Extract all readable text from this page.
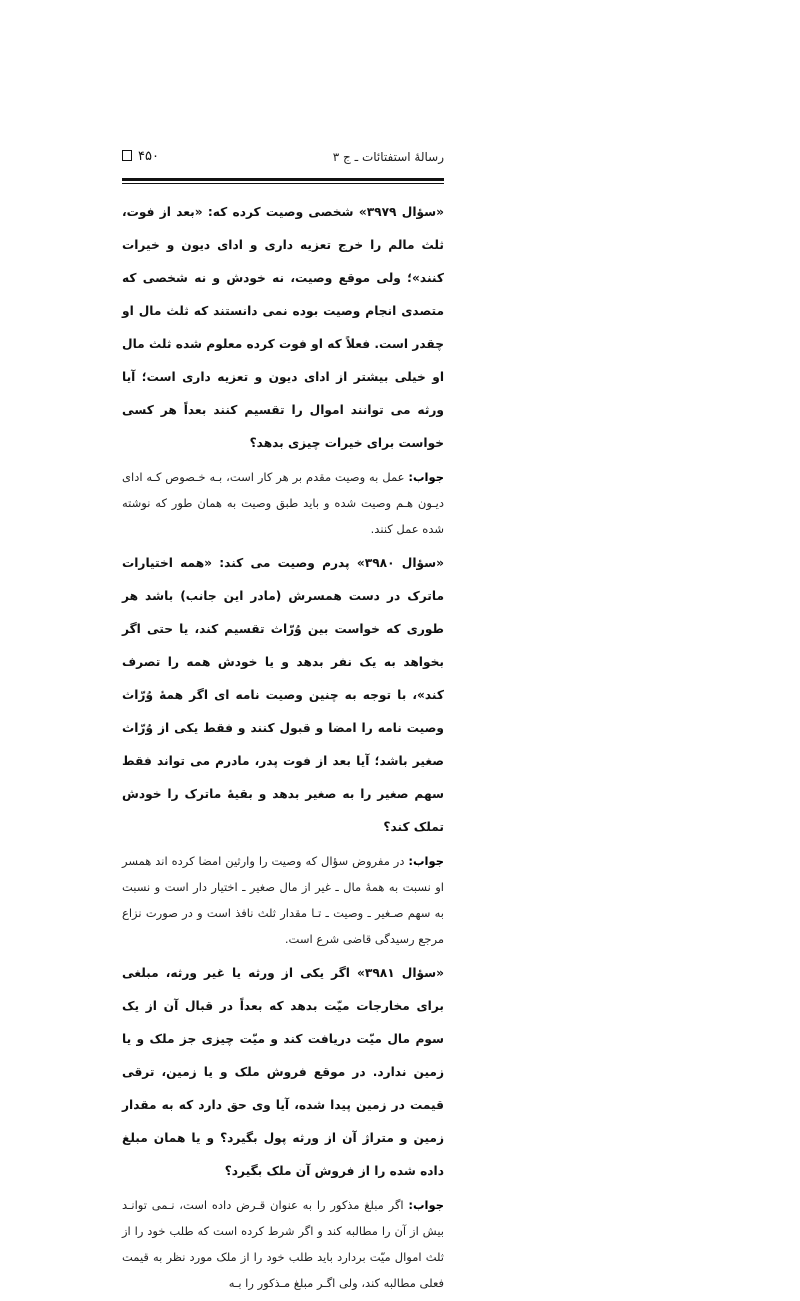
رسالهٔ استفتائات ـ ج ۳
۴۵۰

«سؤال ۳۹۷۹» شخصی وصیت کرده که: «بعد از فوت، ثلث مالم را خرج تعزیه داری و ادای دیون و خیرات کنند»؛ ولی موقع وصیت، نه خودش و نه شخصی که متصدی انجام وصیت بوده نمی دانستند که ثلث مال او چقدر است. فعلاً که او فوت کرده معلوم شده ثلث مال او خیلی بیشتر از ادای دیون و تعزیه داری است؛ آیا ورثه می توانند اموال را تقسیم کنند بعداً هر کسی خواست برای خیرات چیزی بدهد؟

جواب: عمل به وصیت مقدم بر هر کار است، بـه خـصوص کـه ادای دیـون هـم وصیت شده و باید طبق وصیت به همان طور که نوشته شده عمل کنند.

«سؤال ۳۹۸۰» پدرم وصیت می کند: «همه اختیارات ماترک در دست همسرش (مادر این جانب) باشد هر طوری که خواست بین وُرّاث تقسیم کند، یا حتی اگر بخواهد به یک نفر بدهد و یا خودش همه را تصرف کند»، با توجه به چنین وصیت نامه ای اگر همهٔ وُرّاث وصیت نامه را امضا و قبول کنند و فقط یکی از وُرّاث صغیر باشد؛ آیا بعد از فوت پدر، مادرم می تواند فقط سهم صغیر را به صغیر بدهد و بقیهٔ ماترک را خودش تملک کند؟

جواب: در مفروض سؤال که وصیت را وارثین امضا کرده اند همسر او نسبت به همهٔ مال ـ غیر از مال صغیر ـ اختیار دار است و نسبت به سهم صـغیر ـ وصیت ـ تـا مقدار ثلث نافذ است و در صورت نزاع مرجع رسیدگی قاضی شرع است.

«سؤال ۳۹۸۱» اگر یکی از ورثه یا غیر ورثه، مبلغی برای مخارجات میّت بدهد که بعداً در قبال آن از یک سوم مال میّت دریافت کند و میّت چیزی جز ملک و یا زمین ندارد. در موقع فروش ملک و یا زمین، ترقی قیمت در زمین پیدا شده، آیا وی حق دارد که به مقدار زمین و متراژ آن از ورثه پول بگیرد؟ و یا همان مبلغ داده شده را از فروش آن ملک بگیرد؟

جواب: اگر مبلغ مذکور را به عنوان قـرض داده است، نـمی توانـد بیش از آن را مطالبه کند و اگر شرط کرده است که طلب خود را از ثلث اموال میّت بردارد باید طلب خود را از ملک مورد نظر به قیمت فعلی مطالبه کند، ولی اگـر مبلغ مـذکور را بـه
